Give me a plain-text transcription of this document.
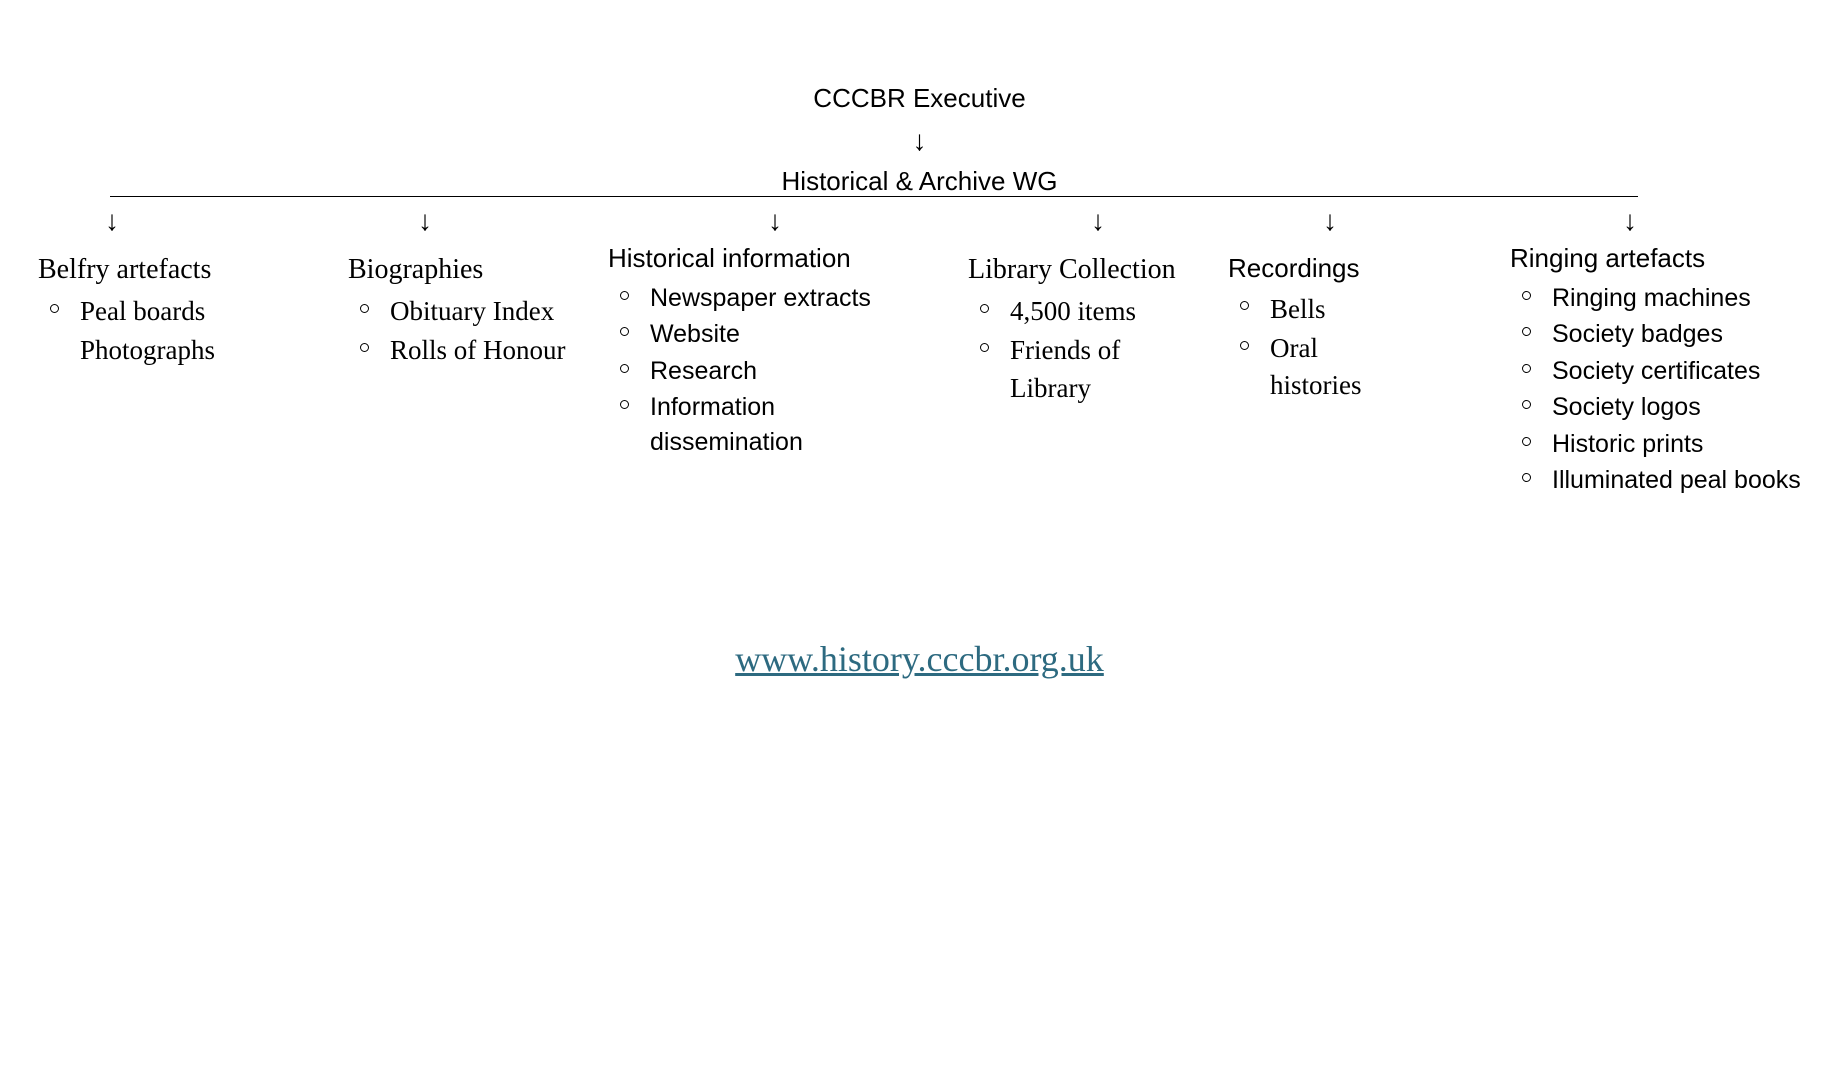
CCCBR Executive
↓
Historical & Archive WG
↓	↓	↓	↓	↓	↓
Belfry artefacts
Peal boards
Photographs
Biographies
Obituary Index
Rolls of Honour
Historical information
Newspaper extracts
Website
Research
Information dissemination
Library Collection
4,500 items
Friends of Library
Recordings
Bells
Oral histories
Ringing artefacts
Ringing machines
Society badges
Society certificates
Society logos
Historic prints
Illuminated peal books
www.history.cccbr.org.uk
